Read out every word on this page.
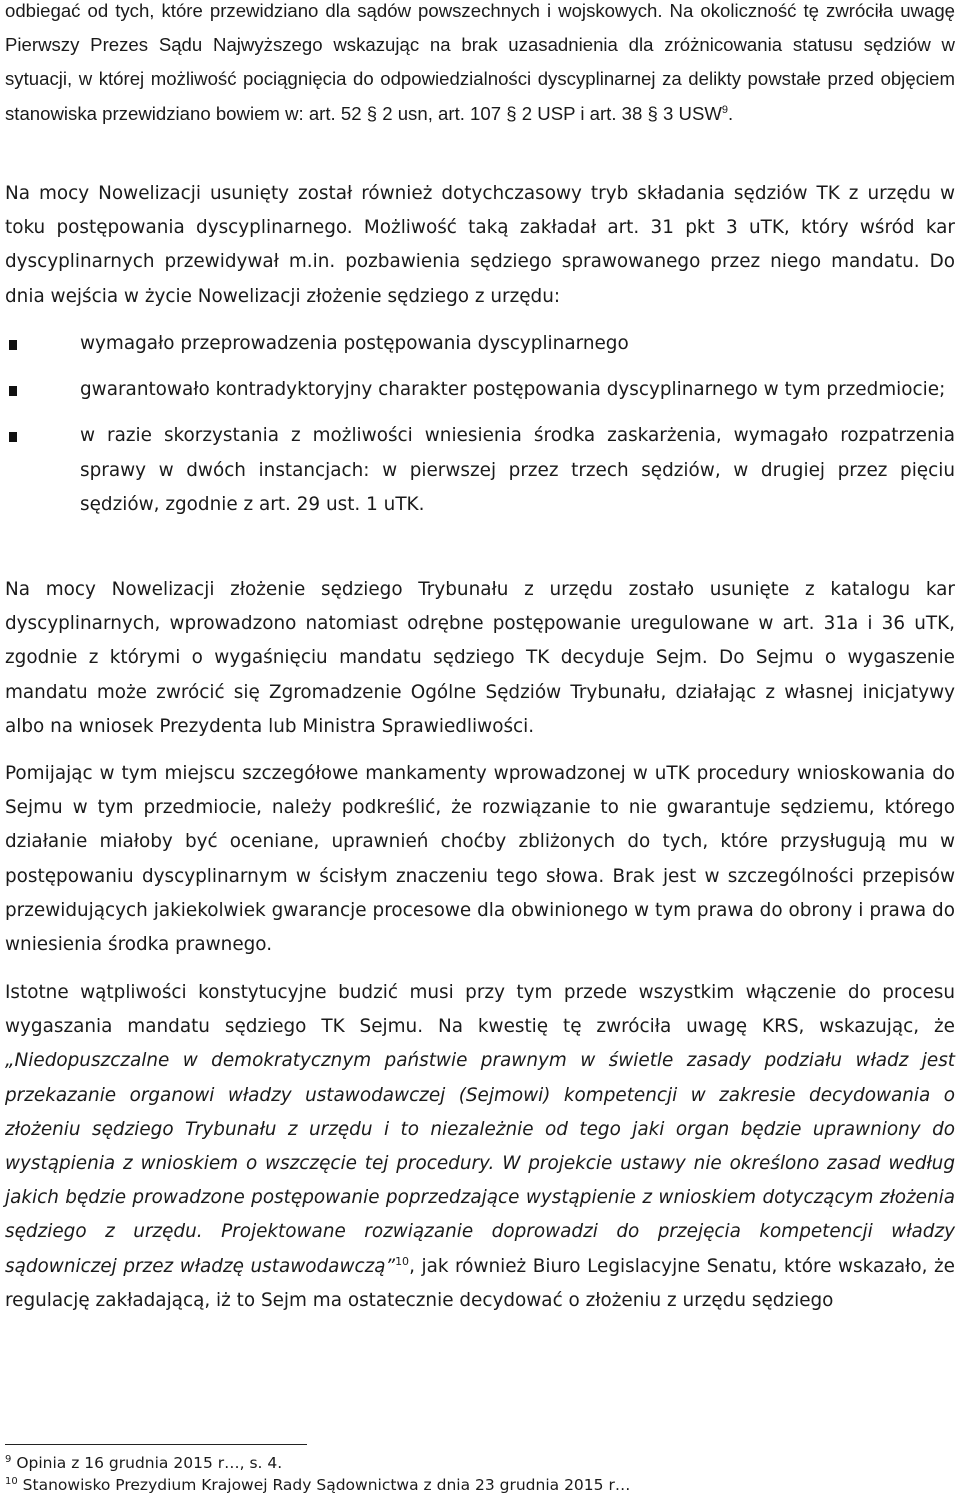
odbiegać od tych, które przewidziano dla sądów powszechnych i wojskowych. Na okoliczność tę zwróciła uwagę Pierwszy Prezes Sądu Najwyższego wskazując na brak uzasadnienia dla zróżnicowania statusu sędziów w sytuacji, w której możliwość pociągnięcia do odpowiedzialności dyscyplinarnej za delikty powstałe przed objęciem stanowiska przewidziano bowiem w: art. 52 § 2 usn, art. 107 § 2 USP i art. 38 § 3 USW$^9$.

Na mocy Nowelizacji usunięty został również dotychczasowy tryb składania sędziów TK z urzędu w toku postępowania dyscyplinarnego. Możliwość taką zakładał art. 31 pkt 3 uTK, który wśród kar dyscyplinarnych przewidywał m.in. pozbawienia sędziego sprawowanego przez niego mandatu. Do dnia wejścia w życie Nowelizacji złożenie sędziego z urzędu:

wymagało przeprowadzenia postępowania dyscyplinarnego
gwarantowało kontradyktoryjny charakter postępowania dyscyplinarnego w tym przedmiocie;
w razie skorzystania z możliwości wniesienia środka zaskarżenia, wymagało rozpatrzenia sprawy w dwóch instancjach: w pierwszej przez trzech sędziów, w drugiej przez pięciu sędziów, zgodnie z art. 29 ust. 1 uTK.

Na mocy Nowelizacji złożenie sędziego Trybunału z urzędu zostało usunięte z katalogu kar dyscyplinarnych, wprowadzono natomiast odrębne postępowanie uregulowane w art. 31a i 36 uTK, zgodnie z którymi o wygaśnięciu mandatu sędziego TK decyduje Sejm. Do Sejmu o wygaszenie mandatu może zwrócić się Zgromadzenie Ogólne Sędziów Trybunału, działając z własnej inicjatywy albo na wniosek Prezydenta lub Ministra Sprawiedliwości.

Pomijając w tym miejscu szczegółowe mankamenty wprowadzonej w uTK procedury wnioskowania do Sejmu w tym przedmiocie, należy podkreślić, że rozwiązanie to nie gwarantuje sędziemu, którego działanie miałoby być oceniane, uprawnień choćby zbliżonych do tych, które przysługują mu w postępowaniu dyscyplinarnym w ścisłym znaczeniu tego słowa. Brak jest w szczególności przepisów przewidujących jakiekolwiek gwarancje procesowe dla obwinionego w tym prawa do obrony i prawa do wniesienia środka prawnego.

Istotne wątpliwości konstytucyjne budzić musi przy tym przede wszystkim włączenie do procesu wygaszania mandatu sędziego TK Sejmu. Na kwestię tę zwróciła uwagę KRS, wskazując, że „Niedopuszczalne w demokratycznym państwie prawnym w świetle zasady podziału władz jest przekazanie organowi władzy ustawodawczej (Sejmowi) kompetencji w zakresie decydowania o złożeniu sędziego Trybunału z urzędu i to niezależnie od tego jaki organ będzie uprawniony do wystąpienia z wnioskiem o wszczęcie tej procedury. W projekcie ustawy nie określono zasad według jakich będzie prowadzone postępowanie poprzedzające wystąpienie z wnioskiem dotyczącym złożenia sędziego z urzędu. Projektowane rozwiązanie doprowadzi do przejęcia kompetencji władzy sądowniczej przez władzę ustawodawczą”$^{10}$, jak również Biuro Legislacyjne Senatu, które wskazało, że regulację zakładającą, iż to Sejm ma ostatecznie decydować o złożeniu z urzędu sędziego

$^9$ Opinia z 16 grudnia 2015 r…, s. 4.
$^{10}$ Stanowisko Prezydium Krajowej Rady Sądownictwa z dnia 23 grudnia 2015 r…
